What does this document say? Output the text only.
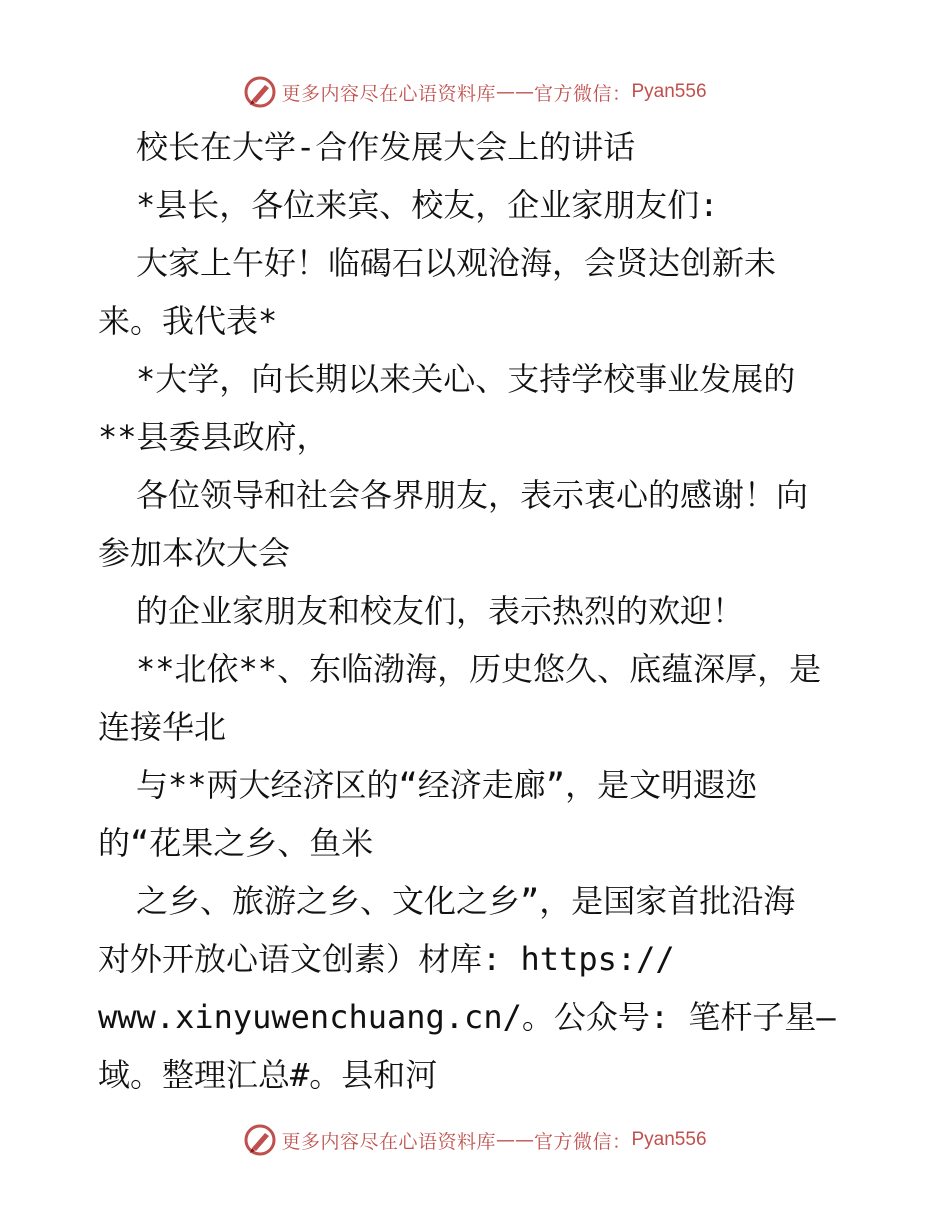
更多内容尽在心语资料库 —— 官方微信： Pyan556
校长在大学-合作发展大会上的讲话
*县长，各位来宾、校友，企业家朋友们:
大家上午好！临碣石以观沧海，会贤达创新未
来。我代表*
*大学，向长期以来关心、支持学校事业发展的
**县委县政府，
各位领导和社会各界朋友，表示衷心的感谢！向
参加本次大会
的企业家朋友和校友们，表示热烈的欢迎！
**北依**、东临渤海，历史悠久、底蕴深厚，是
连接华北
与**两大经济区的“经济走廊”，是文明遐迩
的“花果之乡、鱼米
之乡、旅游之乡、文化之乡”，是国家首批沿海
对外开放心语文创素）材库: https://
www.xinyuwenchuang.cn/。公众号: 笔杆子星—
域。整理汇总#。县和河
更多内容尽在心语资料库 —— 官方微信： Pyan556
